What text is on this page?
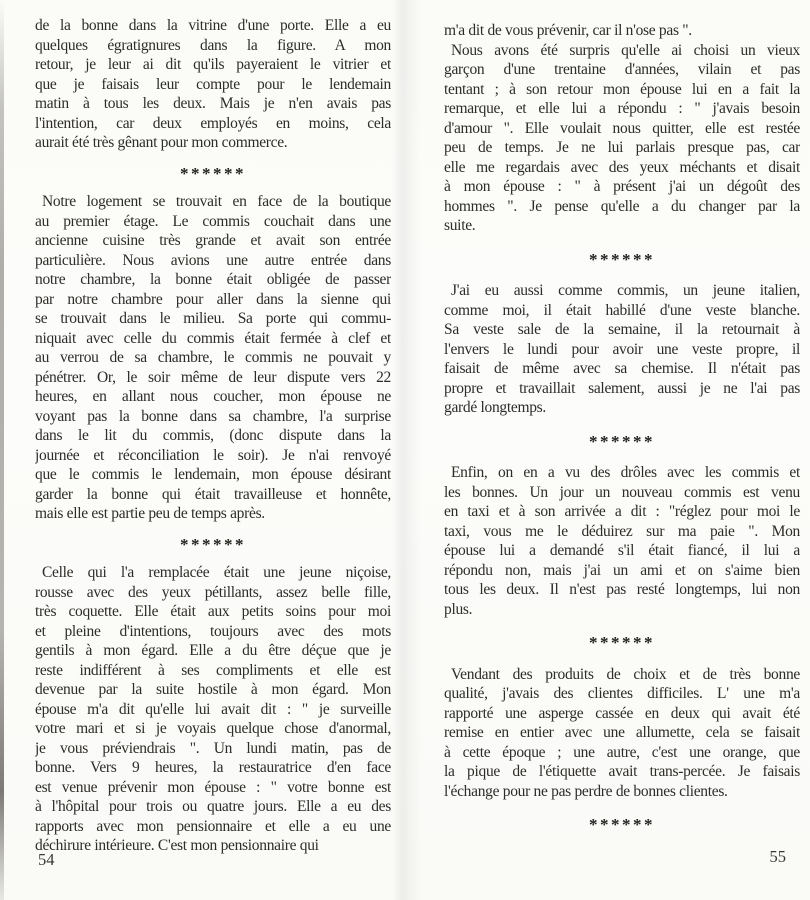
de la bonne dans la vitrine d'une porte. Elle a eu
quelques égratignures dans la figure. A mon
retour, je leur ai dit qu'ils payeraient le vitrier et
que je faisais leur compte pour le lendemain
matin à tous les deux. Mais je n'en avais pas
l'intention, car deux employés en moins, cela
aurait été très gênant pour mon commerce.
******
Notre logement se trouvait en face de la boutique
au premier étage. Le commis couchait dans une
ancienne cuisine très grande et avait son entrée
particulière. Nous avions une autre entrée dans
notre chambre, la bonne était obligée de passer
par notre chambre pour aller dans la sienne qui
se trouvait dans le milieu. Sa porte qui commu-
niquait avec celle du commis était fermée à clef et
au verrou de sa chambre, le commis ne pouvait y
pénétrer. Or, le soir même de leur dispute vers 22
heures, en allant nous coucher, mon épouse ne
voyant pas la bonne dans sa chambre, l'a surprise
dans le lit du commis, (donc dispute dans la
journée et réconciliation le soir). Je n'ai renvoyé
que le commis le lendemain, mon épouse désirant
garder la bonne qui était travailleuse et honnête,
mais elle est partie peu de temps après.
******
Celle qui l'a remplacée était une jeune niçoise,
rousse avec des yeux pétillants, assez belle fille,
très coquette. Elle était aux petits soins pour moi
et pleine d'intentions, toujours avec des mots
gentils à mon égard. Elle a du être déçue que je
reste indifférent à ses compliments et elle est
devenue par la suite hostile à mon égard. Mon
épouse m'a dit qu'elle lui avait dit : " je surveille
votre mari et si je voyais quelque chose d'anormal,
je vous préviendrais ". Un lundi matin, pas de
bonne. Vers 9 heures, la restauratrice d'en face
est venue prévenir mon épouse : " votre bonne est
à l'hôpital pour trois ou quatre jours. Elle a eu des
rapports avec mon pensionnaire et elle a eu une
déchirure intérieure. C'est mon pensionnaire qui
54
m'a dit de vous prévenir, car il n'ose pas ".
Nous avons été surpris qu'elle ai choisi un vieux
garçon d'une trentaine d'années, vilain et pas
tentant ; à son retour mon épouse lui en a fait la
remarque, et elle lui a répondu : " j'avais besoin
d'amour ". Elle voulait nous quitter, elle est restée
peu de temps. Je ne lui parlais presque pas, car
elle me regardais avec des yeux méchants et disait
à mon épouse : " à présent j'ai un dégoût des
hommes ". Je pense qu'elle a du changer par la
suite.
******
J'ai eu aussi comme commis, un jeune italien,
comme moi, il était habillé d'une veste blanche.
Sa veste sale de la semaine, il la retournait à
l'envers le lundi pour avoir une veste propre, il
faisait de même avec sa chemise. Il n'était pas
propre et travaillait salement, aussi je ne l'ai pas
gardé longtemps.
******
Enfin, on en a vu des drôles avec les commis et
les bonnes. Un jour un nouveau commis est venu
en taxi et à son arrivée a dit : "réglez pour moi le
taxi, vous me le déduirez sur ma paie ". Mon
épouse lui a demandé s'il était fiancé, il lui a
répondu non, mais j'ai un ami et on s'aime bien
tous les deux. Il n'est pas resté longtemps, lui non
plus.
******
Vendant des produits de choix et de très bonne
qualité, j'avais des clientes difficiles. L' une m'a
rapporté une asperge cassée en deux qui avait été
remise en entier avec une allumette, cela se faisait
à cette époque ; une autre, c'est une orange, que
la pique de l'étiquette avait trans-percée. Je faisais
l'échange pour ne pas perdre de bonnes clientes.
******
55
